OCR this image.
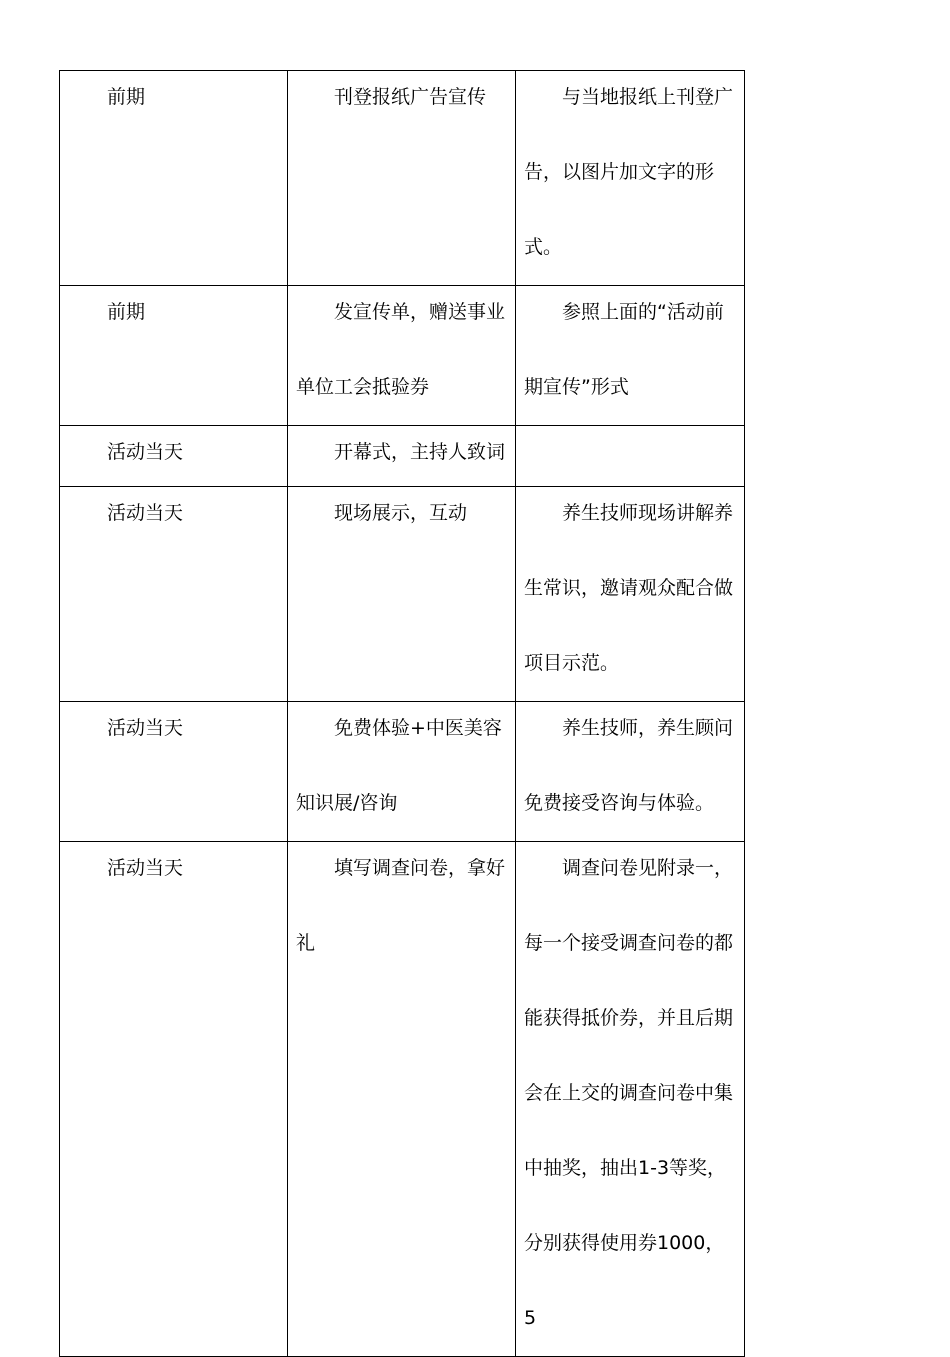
前期	刊登报纸广告宣传	与当地报纸上刊登广告，以图片加文字的形式。

前期	发宣传单，赠送事业单位工会抵验券	参照上面的“活动前期宣传”形式

活动当天	开幕式，主持人致词	

活动当天	现场展示，互动	养生技师现场讲解养生常识，邀请观众配合做项目示范。

活动当天	免费体验+中医美容知识展/咨询	养生技师，养生顾问免费接受咨询与体验。

活动当天	填写调查问卷，拿好礼	调查问卷见附录一，每一个接受调查问卷的都能获得抵价券，并且后期会在上交的调查问卷中集中抽奖，抽出1-3等奖，分别获得使用券1000，5
